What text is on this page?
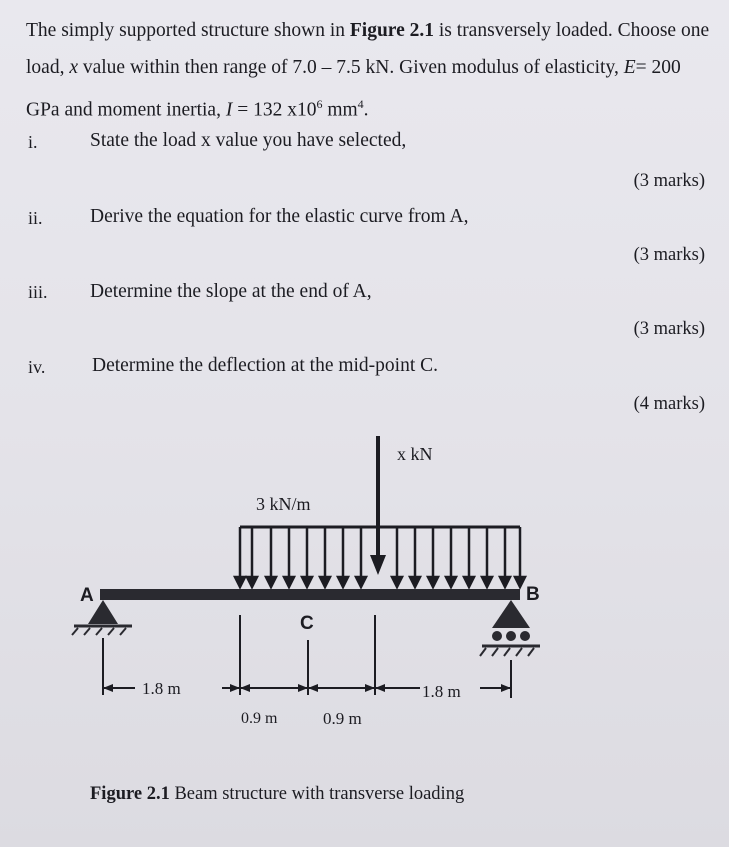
The simply supported structure shown in Figure 2.1 is transversely loaded. Choose one load, x value within then range of 7.0 – 7.5 kN. Given modulus of elasticity, E= 200 GPa and moment inertia, I = 132 $x10^6$ $mm^4$.
i.	State the load x value you have selected,
(3 marks)
ii. Derive the equation for the elastic curve from A,
(3 marks)
iii. Determine the slope at the end of A,
(3 marks)
iv. Determine the deflection at the mid-point C.
(4 marks)
x kN
3 kN/m
A	B
C
1.8 m	1.8 m
0.9 m	0.9 m
Figure 2.1 Beam structure with transverse loading
